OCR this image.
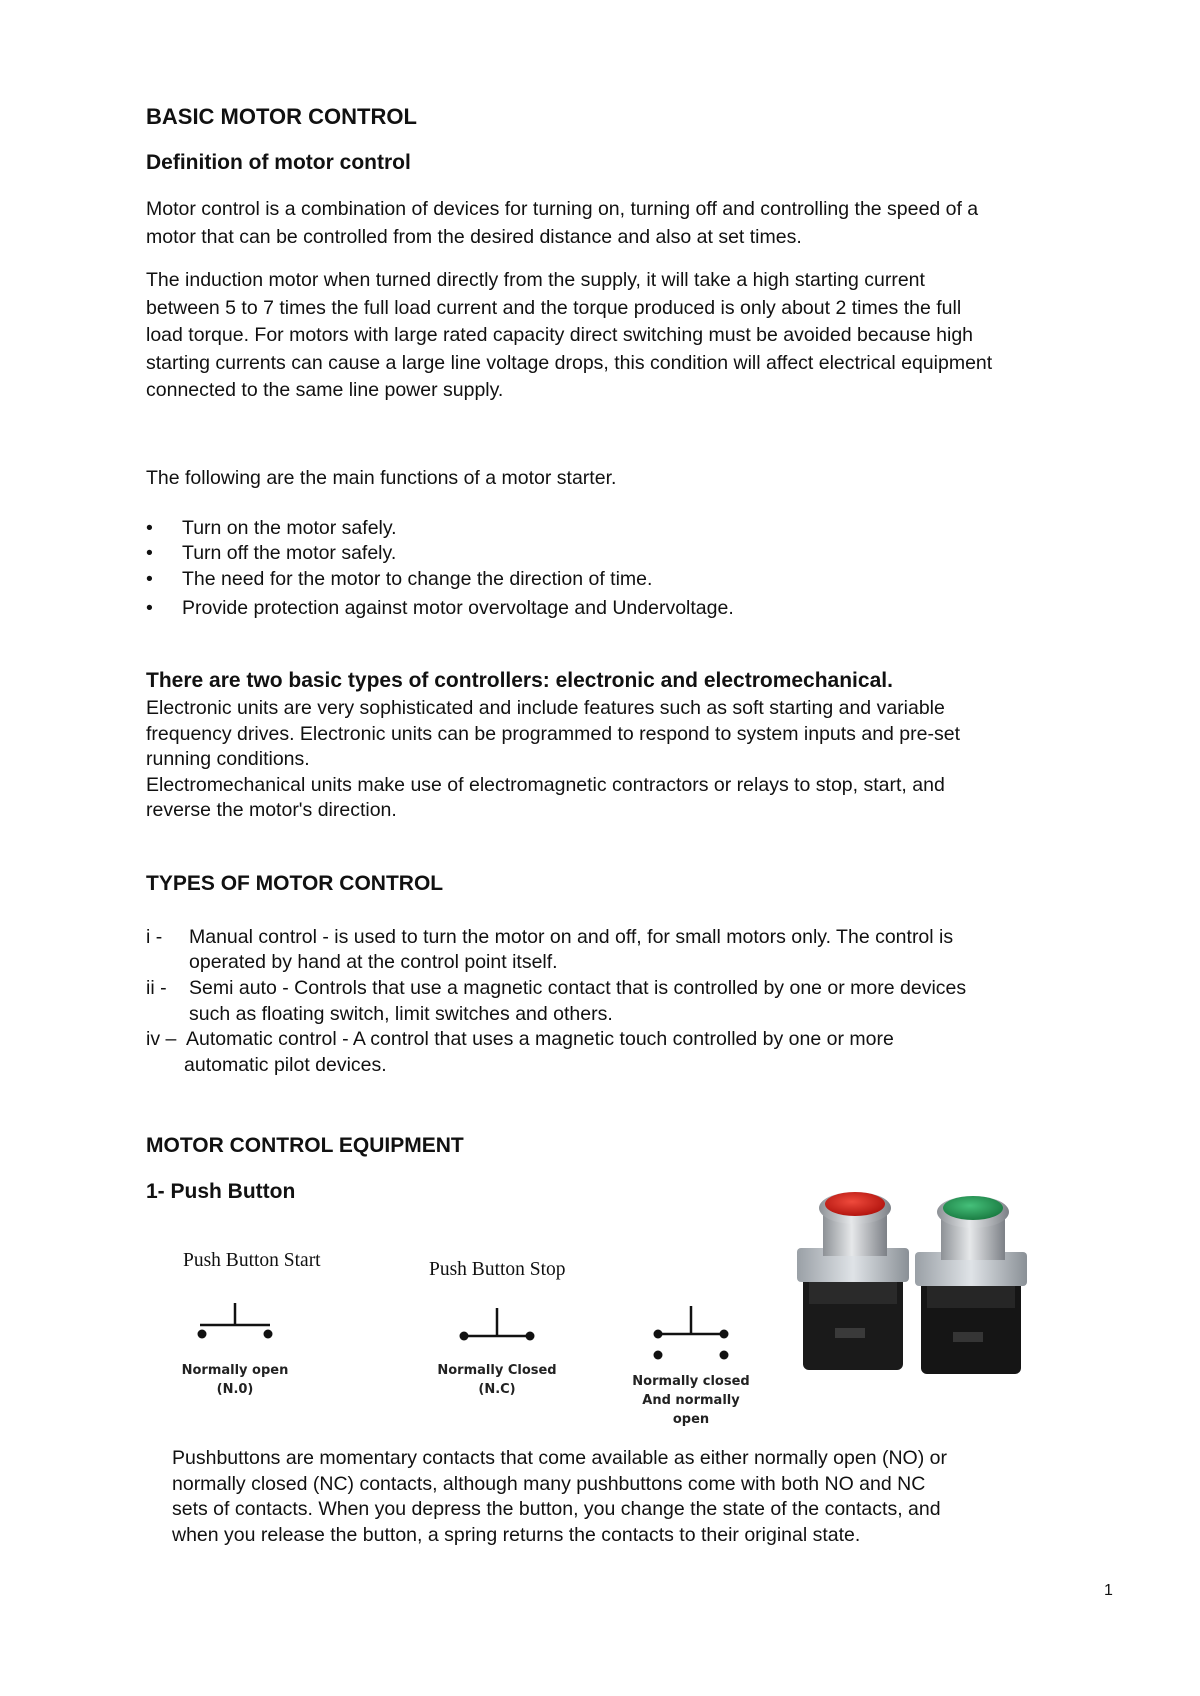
BASIC MOTOR CONTROL
Definition of motor control
Motor control is a combination of devices for turning on, turning off and controlling the speed of a
motor that can be controlled from the desired distance and also at set times.
The induction motor when turned directly from the supply, it will take a high starting current
between 5 to 7 times the full load current and the torque produced is only about 2 times the full
load torque. For motors with large rated capacity direct switching must be avoided because high
starting currents can cause a large line voltage drops, this condition will affect electrical equipment
connected to the same line power supply.
The following are the main functions of a motor starter.
• Turn on the motor safely.
• Turn off the motor safely.
• The need for the motor to change the direction of time.
• Provide protection against motor overvoltage and Undervoltage.
There are two basic types of controllers: electronic and electromechanical.
Electronic units are very sophisticated and include features such as soft starting and variable
frequency drives. Electronic units can be programmed to respond to system inputs and pre-set
running conditions.
Electromechanical units make use of electromagnetic contractors or relays to stop, start, and
reverse the motor's direction.
TYPES OF MOTOR CONTROL
i - Manual control - is used to turn the motor on and off, for small motors only. The control is
operated by hand at the control point itself.
ii - Semi auto - Controls that use a magnetic contact that is controlled by one or more devices
such as floating switch, limit switches and others.
iv – Automatic control - A control that uses a magnetic touch controlled by one or more
automatic pilot devices.
MOTOR CONTROL EQUIPMENT
1- Push Button
Push Button Start	Push Button Stop
Normally open
(N.0)
Normally Closed
(N.C)
Normally closed
And normally
open
Pushbuttons are momentary contacts that come available as either normally open (NO) or
normally closed (NC) contacts, although many pushbuttons come with both NO and NC
sets of contacts. When you depress the button, you change the state of the contacts, and
when you release the button, a spring returns the contacts to their original state.
1
